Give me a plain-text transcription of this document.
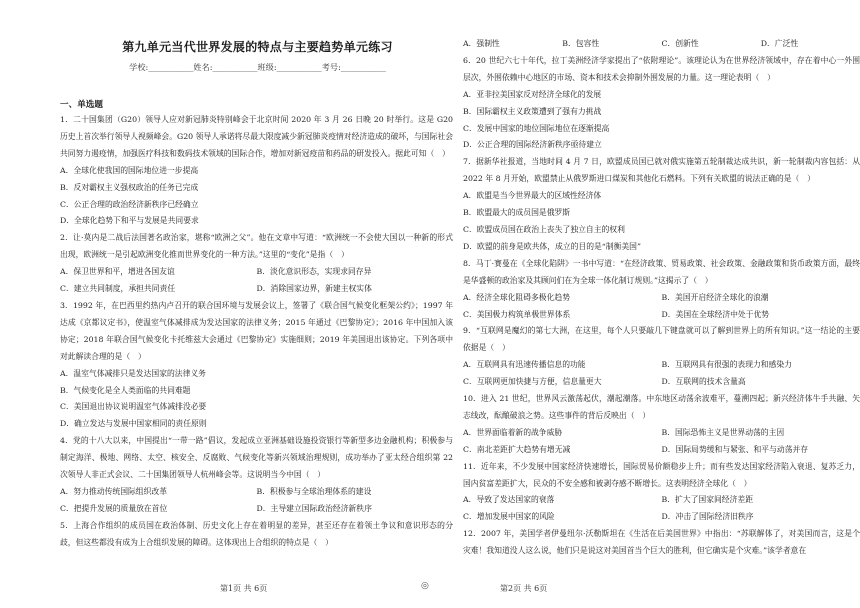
第九单元当代世界发展的特点与主要趋势单元练习
学校:___________姓名:___________班级:___________考号:___________
一、单选题
1．二十国集团（G20）领导人应对新冠肺炎特别峰会于北京时间 2020 年 3 月 26 日晚 20 时举行。这是 G20 历史上首次举行领导人视频峰会。G20 领导人承诺将尽最大限度减少新冠肺炎疫情对经济造成的破坏，与国际社会共同努力遏疫情，加强医疗科技和数码技术领域的国际合作，增加对新冠疫苗和药品的研发投入。据此可知（　）
A．全球化使我国的国际地位进一步提高
B．反对霸权主义强权政治的任务已完成
C．公正合理的政治经济新秩序已经确立
D．全球化趋势下和平与发展是共同要求
2．让·莫内是二战后法国著名政治家，堪称“欧洲之父”。他在文章中写道：“欧洲统一不会使大国以一种新的形式出现，欧洲统一是引起欧洲变化推而世界变化的一种方法。”这里的“变化”是指（　）
A．保卫世界和平，增进各国友谊	B．淡化意识形态，实现求同存异
C．建立共同制度，承担共同责任	D．消除国家边界，新建主权实体
3．1992 年，在巴西里约热内卢召开的联合国环境与发展会议上，签署了《联合国气候变化框架公约》；1997 年达成《京都议定书》，使温室气体减排成为发达国家的法律义务；2015 年通过《巴黎协定》；2016 年中国加入该协定；2018 年联合国气候变化卡托维兹大会通过《巴黎协定》实施细则；2019 年美国退出该协定。下列各项中对此解读合理的是（　）
A．温室气体减排只是发达国家的法律义务
B．气候变化是全人类面临的共同难题
C．美国退出协议说明温室气体减排没必要
D．确立发达与发展中国家相同的责任原则
4．党的十八大以来，中国提出“一带一路”倡议，发起成立亚洲基础设施投资银行等新型多边金融机构；积极参与制定海洋、极地、网络、太空、核安全、反腐败、气候变化等新兴领域治理规则，成功举办了亚太经合组织第 22 次领导人非正式会议、二十国集团领导人杭州峰会等。这说明当今中国（　）
A．努力推动传统国际组织改革	B．积极参与全球治理体系的建设
C．把提升发展的质量放在首位	D．主导建立国际政治经济新秩序
5．上海合作组织的成员国在政治体制、历史文化上存在着明显的差异，甚至还存在着领土争议和意识形态的分歧，但这些都没有成为上合组织发展的障碍。这体现出上合组织的特点是（　）
A．强制性	B．包容性	C．创新性	D．广泛性
6．20 世纪六七十年代，拉丁美洲经济学家提出了“依附理论”。该理论认为在世界经济领域中，存在着中心一外围层次，外围依赖中心地区的市场、资本和技术会抑制外围发展的力量。这一理论表明（　）
A．亚非拉美国家反对经济全球化的发展
B．国际霸权主义政策遭到了强有力挑战
C．发展中国家的地位国际地位在逐渐提高
D．公正合理的国际经济新秩序亟待建立
7．据新华社报道，当地时间 4 月 7 日，欧盟成员国已就对俄实施第五轮制裁达成共识，新一轮制裁内容包括：从 2022 年 8 月开始，欧盟禁止从俄罗斯进口煤炭和其他化石燃料。下列有关欧盟的说法正确的是（　）
A．欧盟是当今世界最大的区域性经济体
B．欧盟最大的成员国是俄罗斯
C．欧盟成员国在政治上丧失了独立自主的权利
D．欧盟的前身是欧共体，成立的目的是“制衡美国”
8．马丁·赛曼在《全球化陷阱》一书中写道：“在经济政策、贸易政策、社会政策、金融政策和货币政策方面，最终是华盛顿的政治家及其顾问们在为全球一体化制订规则。”这揭示了（　）
A．经济全球化阻碍多极化趋势	B．美国开启经济全球化的浪潮
C．美国极力构筑单极世界体系	D．美国在全球经济中处于优势
9．“互联网是魔幻的第七大洲，在这里，每个人只要敲几下键盘就可以了解到世界上的所有知识。”这一结论的主要依据是（　）
A．互联网具有迅速传播信息的功能	B．互联网具有很强的表现力和感染力
C．互联网更加快捷与方便，信息量更大	D．互联网的技术含量高
10．进入 21 世纪，世界风云激荡起伏，潮起潮落。中东地区动荡余波难平，蔓溯四起；新兴经济体牛手共融、矢志线改，酝酿破浪之势。这些事件的背后反映出（　）
A．世界面临着新的战争威胁	B．国际恐怖主义是世界动荡的主因
C．南北差距扩大趋势有增无减	D．国际局势缓和与紧张、和平与动荡并存
11．近年来，不少发展中国家经济快速增长，国际贸易价额稳步上升；而有些发达国家经济陷入衰退、复苏乏力，国内贫富差距扩大，民众的不安全感和被剥夺感不断增长。这表明经济全球化（　）
A．导致了发达国家的衰落	B．扩大了国家间经济差距
C．增加发展中国家的风险	D．冲击了国际经济旧秩序
12．2007 年，美国学者伊曼纽尔·沃勒斯坦在《生活在后美国世界》中指出：“苏联解体了，对美国而言，这是个灾难！我知道没人这么说，他们只是说这对美国首当个巨大的胜利，但它确实是个灾难。”该学者意在
第1页 共 6页	◎	第2页 共 6页
